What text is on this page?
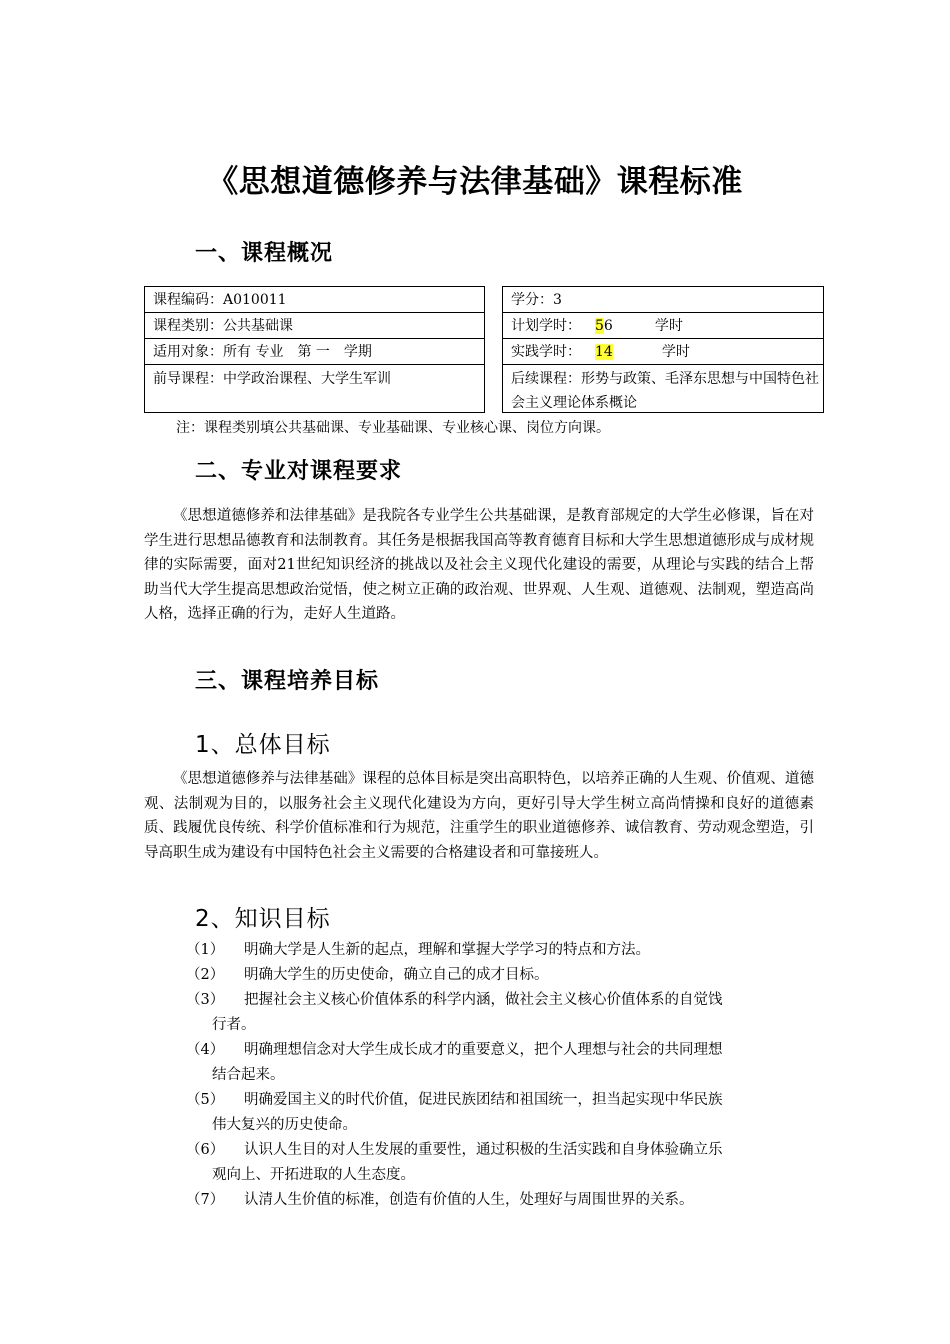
《思想道德修养与法律基础》课程标准
一、课程概况
课程编码：A010011
课程类别：公共基础课
适用对象：所有 专业　第 一　学期
前导课程：中学政治课程、大学生军训
学分：3
计划学时： 56	学时
实践学时： 14	学时
后续课程：形势与政策、毛泽东思想与中国特色社会主义理论体系概论

注：课程类别填公共基础课、专业基础课、专业核心课、岗位方向课。

二、专业对课程要求

《思想道德修养和法律基础》是我院各专业学生公共基础课，是教育部规定的大学生必修课，旨在对学生进行思想品德教育和法制教育。其任务是根据我国高等教育德育目标和大学生思想道德形成与成材规律的实际需要，面对21世纪知识经济的挑战以及社会主义现代化建设的需要，从理论与实践的结合上帮助当代大学生提高思想政治觉悟，使之树立正确的政治观、世界观、人生观、道德观、法制观，塑造高尚人格，选择正确的行为，走好人生道路。

三、课程培养目标
1、总体目标

《思想道德修养与法律基础》课程的总体目标是突出高职特色，以培养正确的人生观、价值观、道德观、法制观为目的，以服务社会主义现代化建设为方向，更好引导大学生树立高尚情操和良好的道德素质、践履优良传统、科学价值标准和行为规范，注重学生的职业道德修养、诚信教育、劳动观念塑造，引导高职生成为建设有中国特色社会主义需要的合格建设者和可靠接班人。

2、知识目标
（1） 明确大学是人生新的起点，理解和掌握大学学习的特点和方法。
（2） 明确大学生的历史使命，确立自己的成才目标。
（3） 把握社会主义核心价值体系的科学内涵，做社会主义核心价值体系的自觉饯
行者。
（4） 明确理想信念对大学生成长成才的重要意义，把个人理想与社会的共同理想
结合起来。
（5） 明确爱国主义的时代价值，促进民族团结和祖国统一，担当起实现中华民族
伟大复兴的历史使命。
（6） 认识人生目的对人生发展的重要性，通过积极的生活实践和自身体验确立乐
观向上、开拓进取的人生态度。
（7） 认清人生价值的标准，创造有价值的人生，处理好与周围世界的关系。
